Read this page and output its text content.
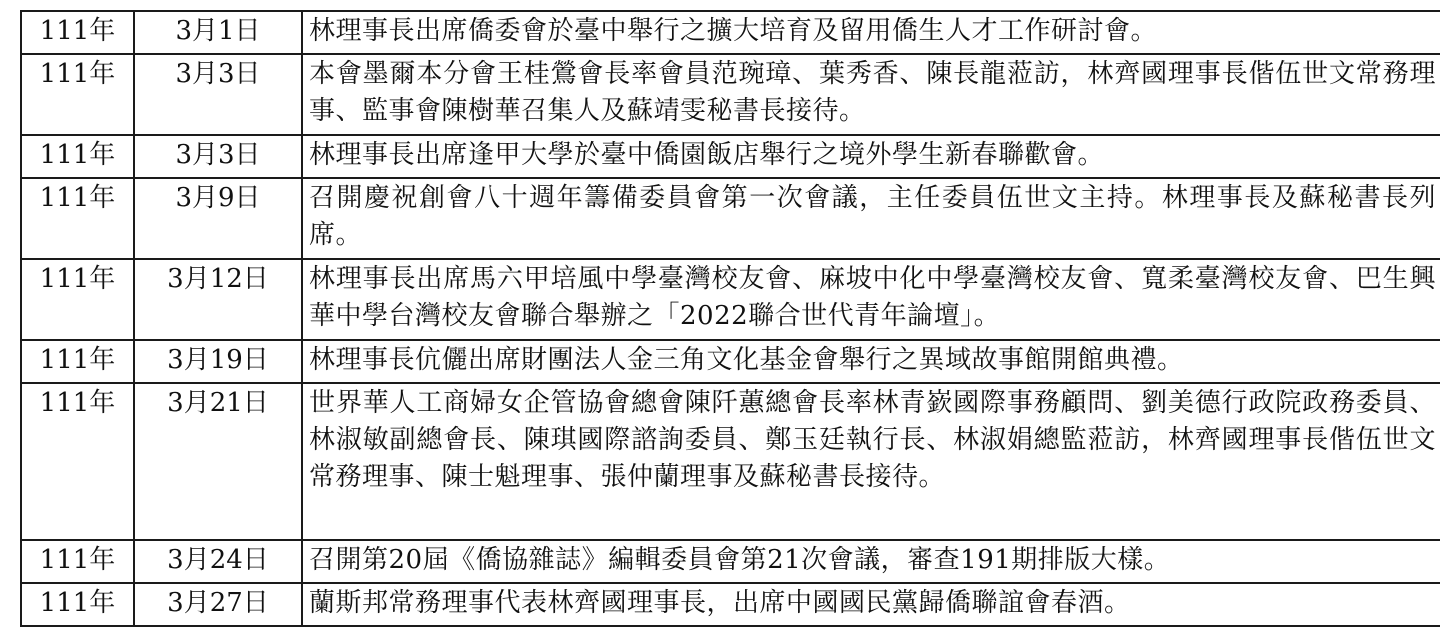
111年	3月1日	林理事長出席僑委會於臺中舉行之擴大培育及留用僑生人才工作研討會。
111年	3月3日	本會墨爾本分會王桂鶯會長率會員范琬璋、葉秀香、陳長龍蒞訪，林齊國理事長偕伍世文常務理事、監事會陳樹華召集人及蘇靖雯秘書長接待。
111年	3月3日	林理事長出席逢甲大學於臺中僑園飯店舉行之境外學生新春聯歡會。
111年	3月9日	召開慶祝創會八十週年籌備委員會第一次會議，主任委員伍世文主持。林理事長及蘇秘書長列席。
111年	3月12日	林理事長出席馬六甲培風中學臺灣校友會、麻坡中化中學臺灣校友會、寬柔臺灣校友會、巴生興華中學台灣校友會聯合舉辦之「2022聯合世代青年論壇」。
111年	3月19日	林理事長伉儷出席財團法人金三角文化基金會舉行之異域故事館開館典禮。
111年	3月21日	世界華人工商婦女企管協會總會陳阡蕙總會長率林青嶔國際事務顧問、劉美德行政院政務委員、林淑敏副總會長、陳琪國際諮詢委員、鄭玉廷執行長、林淑娟總監蒞訪，林齊國理事長偕伍世文常務理事、陳士魁理事、張仲蘭理事及蘇秘書長接待。
111年	3月24日	召開第20屆《僑協雜誌》編輯委員會第21次會議，審查191期排版大樣。
111年	3月27日	蘭斯邦常務理事代表林齊國理事長，出席中國國民黨歸僑聯誼會春酒。
